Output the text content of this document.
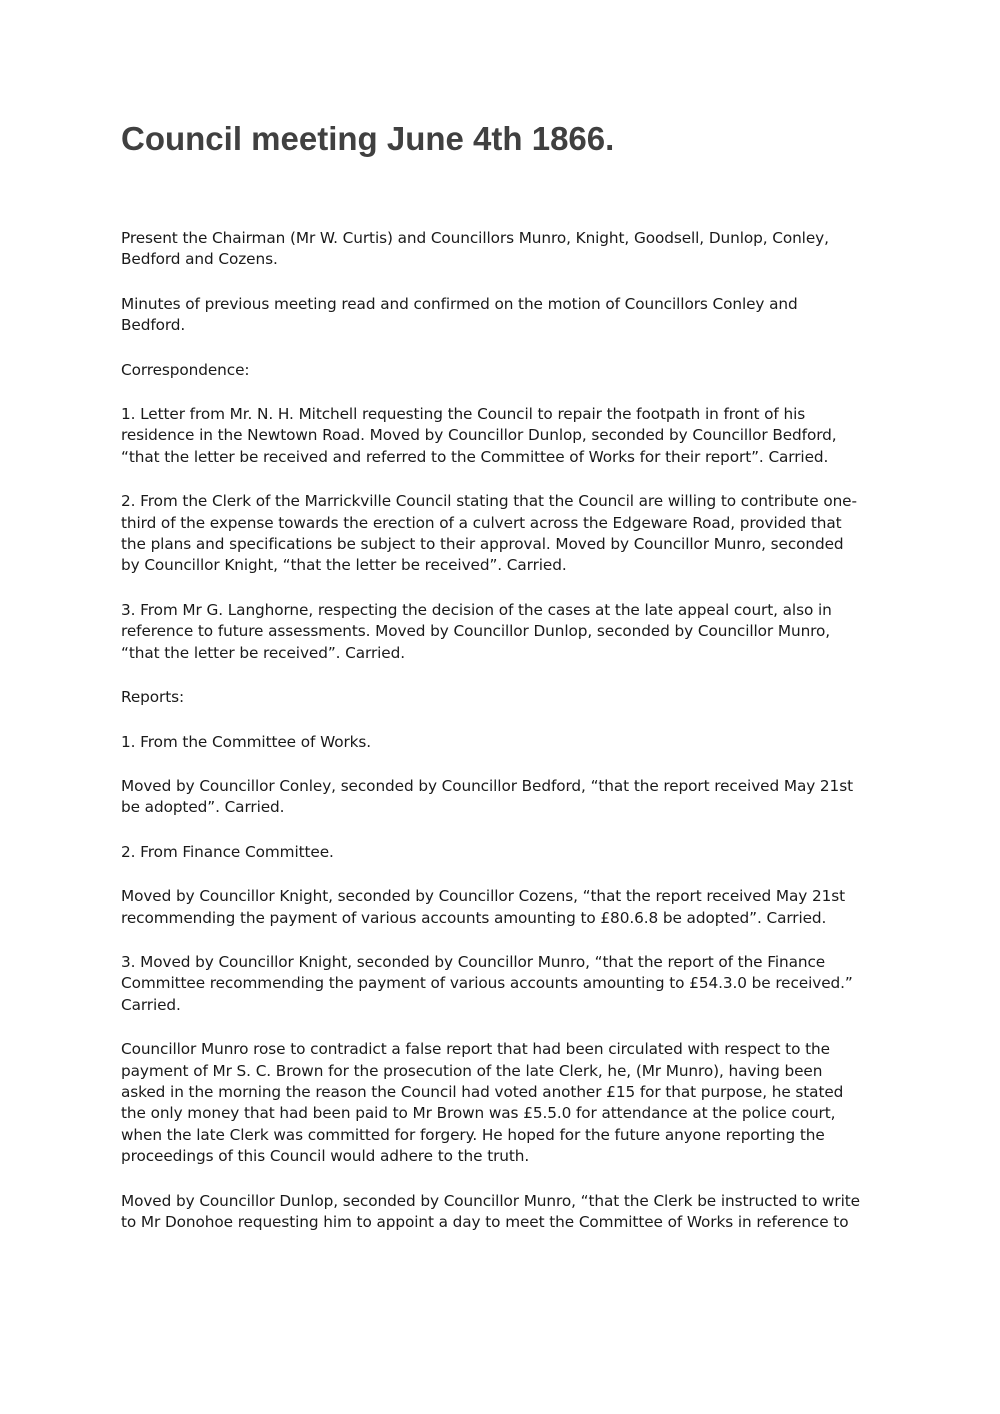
Council meeting June 4th 1866.

Present the Chairman (Mr W. Curtis) and Councillors Munro, Knight, Goodsell, Dunlop, Conley,
Bedford and Cozens.

Minutes of previous meeting read and confirmed on the motion of Councillors Conley and
Bedford.

Correspondence:

1. Letter from Mr. N. H. Mitchell requesting the Council to repair the footpath in front of his
residence in the Newtown Road. Moved by Councillor Dunlop, seconded by Councillor Bedford,
“that the letter be received and referred to the Committee of Works for their report”. Carried.

2. From the Clerk of the Marrickville Council stating that the Council are willing to contribute one-
third of the expense towards the erection of a culvert across the Edgeware Road, provided that
the plans and specifications be subject to their approval. Moved by Councillor Munro, seconded
by Councillor Knight, “that the letter be received”. Carried.

3. From Mr G. Langhorne, respecting the decision of the cases at the late appeal court, also in
reference to future assessments. Moved by Councillor Dunlop, seconded by Councillor Munro,
“that the letter be received”. Carried.

Reports:

1. From the Committee of Works.

Moved by Councillor Conley, seconded by Councillor Bedford, “that the report received May 21st
be adopted”. Carried.

2. From Finance Committee.

Moved by Councillor Knight, seconded by Councillor Cozens, “that the report received May 21st
recommending the payment of various accounts amounting to £80.6.8 be adopted”. Carried.

3. Moved by Councillor Knight, seconded by Councillor Munro, “that the report of the Finance
Committee recommending the payment of various accounts amounting to £54.3.0 be received.”
Carried.

Councillor Munro rose to contradict a false report that had been circulated with respect to the
payment of Mr S. C. Brown for the prosecution of the late Clerk, he, (Mr Munro), having been
asked in the morning the reason the Council had voted another £15 for that purpose, he stated
the only money that had been paid to Mr Brown was £5.5.0 for attendance at the police court,
when the late Clerk was committed for forgery. He hoped for the future anyone reporting the
proceedings of this Council would adhere to the truth.

Moved by Councillor Dunlop, seconded by Councillor Munro, “that the Clerk be instructed to write
to Mr Donohoe requesting him to appoint a day to meet the Committee of Works in reference to
